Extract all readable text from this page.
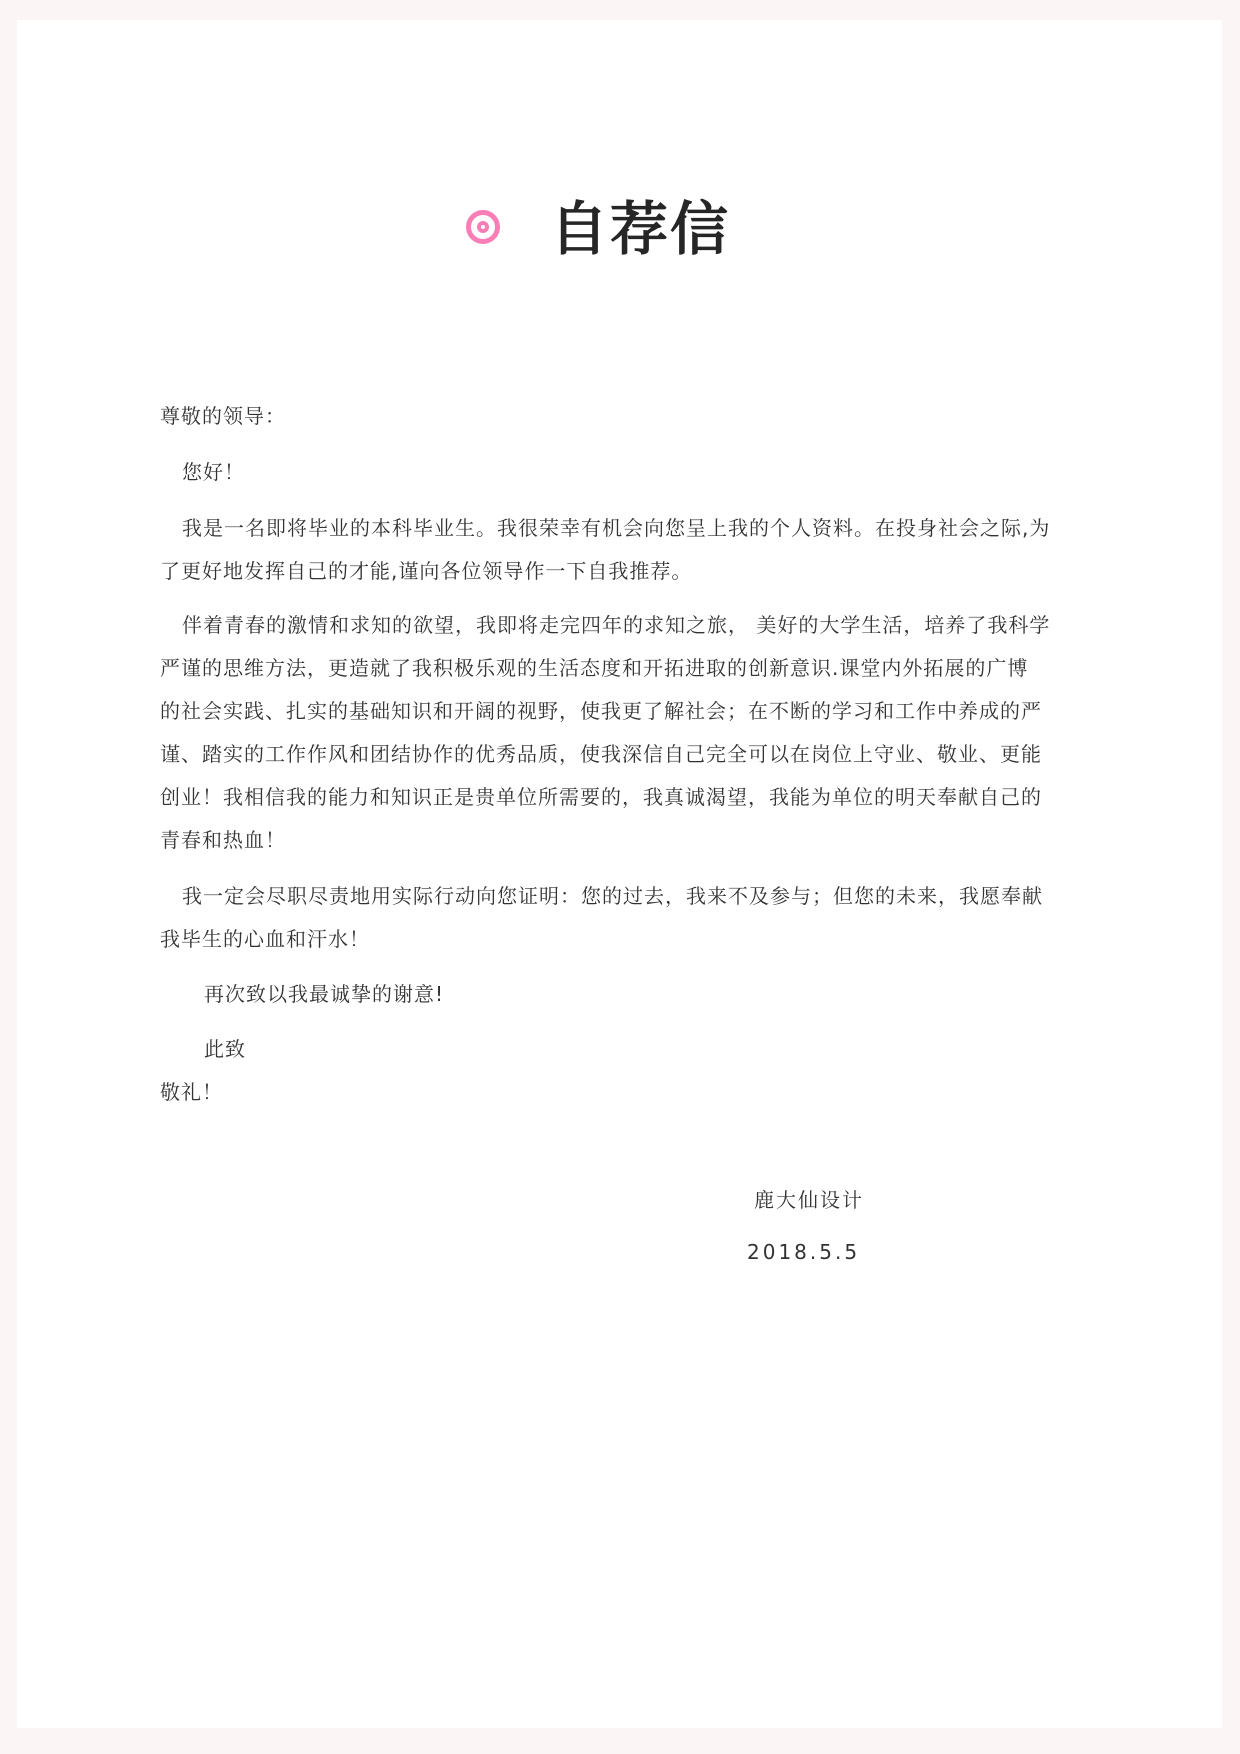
自荐信
尊敬的领导：
您好！
我是一名即将毕业的本科毕业生。我很荣幸有机会向您呈上我的个人资料。在投身社会之际,为
了更好地发挥自己的才能,谨向各位领导作一下自我推荐。
伴着青春的激情和求知的欲望，我即将走完四年的求知之旅， 美好的大学生活，培养了我科学
严谨的思维方法，更造就了我积极乐观的生活态度和开拓进取的创新意识.课堂内外拓展的广博
的社会实践、扎实的基础知识和开阔的视野，使我更了解社会；在不断的学习和工作中养成的严
谨、踏实的工作作风和团结协作的优秀品质，使我深信自己完全可以在岗位上守业、敬业、更能
创业！我相信我的能力和知识正是贵单位所需要的，我真诚渴望，我能为单位的明天奉献自己的
青春和热血！
我一定会尽职尽责地用实际行动向您证明：您的过去，我来不及参与；但您的未来，我愿奉献
我毕生的心血和汗水！
再次致以我最诚挚的谢意!
此致
敬礼！
鹿大仙设计
2018.5.5
